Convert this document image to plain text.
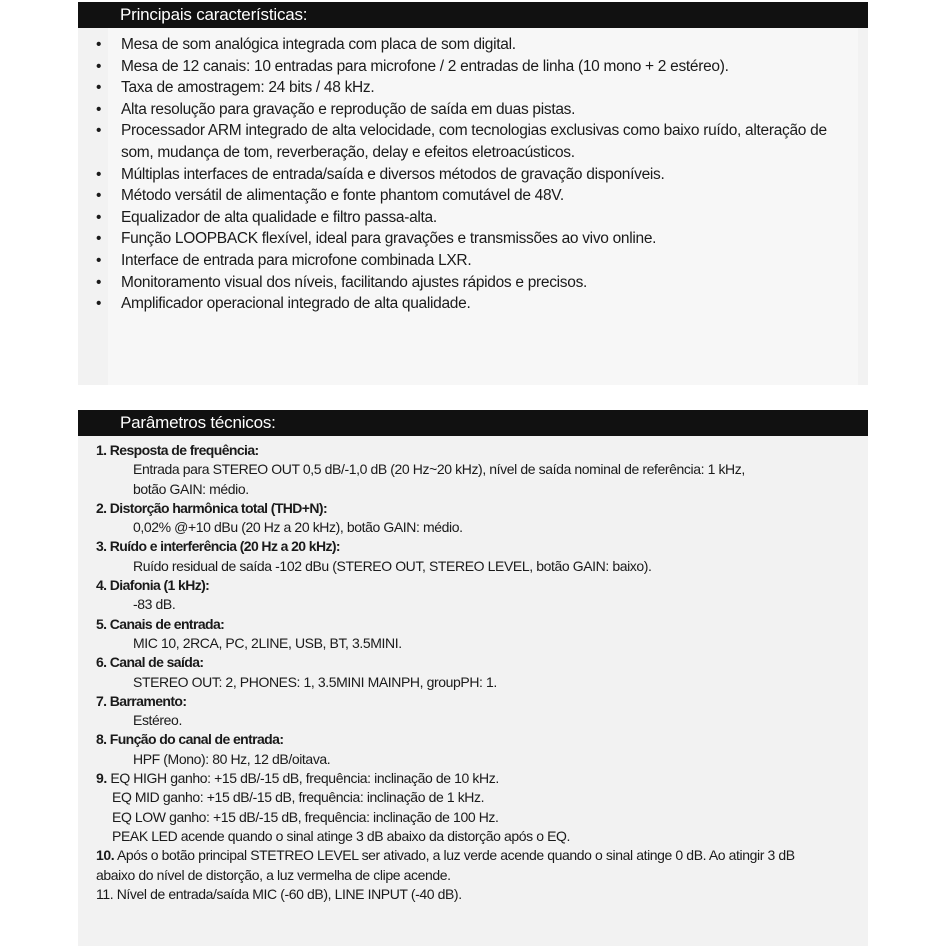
Principais características:
• Mesa de som analógica integrada com placa de som digital.
• Mesa de 12 canais: 10 entradas para microfone / 2 entradas de linha (10 mono + 2 estéreo).
• Taxa de amostragem: 24 bits / 48 kHz.
• Alta resolução para gravação e reprodução de saída em duas pistas.
• Processador ARM integrado de alta velocidade, com tecnologias exclusivas como baixo ruído, alteração de som, mudança de tom, reverberação, delay e efeitos eletroacústicos.
• Múltiplas interfaces de entrada/saída e diversos métodos de gravação disponíveis.
• Método versátil de alimentação e fonte phantom comutável de 48V.
• Equalizador de alta qualidade e filtro passa-alta.
• Função LOOPBACK flexível, ideal para gravações e transmissões ao vivo online.
• Interface de entrada para microfone combinada LXR.
• Monitoramento visual dos níveis, facilitando ajustes rápidos e precisos.
• Amplificador operacional integrado de alta qualidade.
Parâmetros técnicos:
1. Resposta de frequência:
Entrada para STEREO OUT 0,5 dB/-1,0 dB (20 Hz~20 kHz), nível de saída nominal de referência: 1 kHz,
botão GAIN: médio.
2. Distorção harmônica total (THD+N):
0,02% @+10 dBu (20 Hz a 20 kHz), botão GAIN: médio.
3. Ruído e interferência (20 Hz a 20 kHz):
Ruído residual de saída -102 dBu (STEREO OUT, STEREO LEVEL, botão GAIN: baixo).
4. Diafonia (1 kHz):
-83 dB.
5. Canais de entrada:
MIC 10, 2RCA, PC, 2LINE, USB, BT, 3.5MINI.
6. Canal de saída:
STEREO OUT: 2, PHONES: 1, 3.5MINI MAINPH, groupPH: 1.
7. Barramento:
Estéreo.
8. Função do canal de entrada:
HPF (Mono): 80 Hz, 12 dB/oitava.
9. EQ HIGH ganho: +15 dB/-15 dB, frequência: inclinação de 10 kHz.
EQ MID ganho: +15 dB/-15 dB, frequência: inclinação de 1 kHz.
EQ LOW ganho: +15 dB/-15 dB, frequência: inclinação de 100 Hz.
PEAK LED acende quando o sinal atinge 3 dB abaixo da distorção após o EQ.
10. Após o botão principal STETREO LEVEL ser ativado, a luz verde acende quando o sinal atinge 0 dB. Ao atingir 3 dB abaixo do nível de distorção, a luz vermelha de clipe acende.
11. Nível de entrada/saída MIC (-60 dB), LINE INPUT (-40 dB).
